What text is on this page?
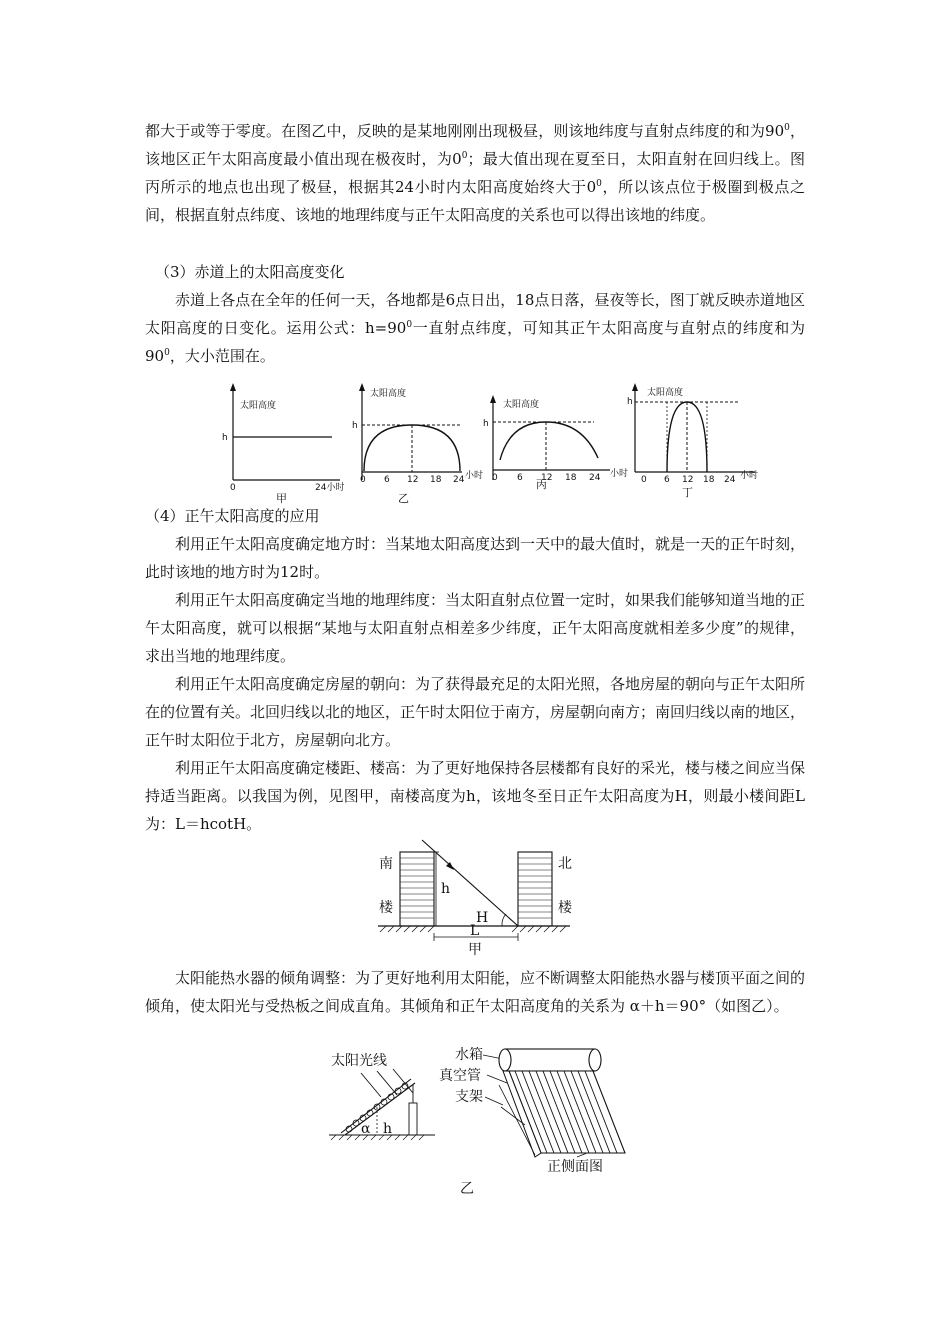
都大于或等于零度。在图乙中，反映的是某地刚刚出现极昼，则该地纬度与直射点纬度的和为$90^0$，该地区正午太阳高度最小值出现在极夜时，为$0^0$；最大值出现在夏至日，太阳直射在回归线上。图丙所示的地点也出现了极昼，根据其24小时内太阳高度始终大于$0^0$，所以该点位于极圈到极点之间，根据直射点纬度、该地的地理纬度与正午太阳高度的关系也可以得出该地的纬度。

（3）赤道上的太阳高度变化

赤道上各点在全年的任何一天，各地都是6点日出，18点日落，昼夜等长，图丁就反映赤道地区太阳高度的日变化。运用公式：$h=90^0$一直射点纬度，可知其正午太阳高度与直射点的纬度和为$90^0$，大小范围在。

太阳高度
h
0	24小时
甲
太阳高度
h
0 6 12 18 24 小时
乙
太阳高度
h
0 6 12 18 24 小时
丙
太阳高度
h
0 6 12 18 24 小时
丁

（4）正午太阳高度的应用

利用正午太阳高度确定地方时：当某地太阳高度达到一天中的最大值时，就是一天的正午时刻，此时该地的地方时为12时。

利用正午太阳高度确定当地的地理纬度：当太阳直射点位置一定时，如果我们能够知道当地的正午太阳高度，就可以根据“某地与太阳直射点相差多少纬度，正午太阳高度就相差多少度”的规律，求出当地的地理纬度。

利用正午太阳高度确定房屋的朝向：为了获得最充足的太阳光照，各地房屋的朝向与正午太阳所在的位置有关。北回归线以北的地区，正午时太阳位于南方，房屋朝向南方；南回归线以南的地区，正午时太阳位于北方，房屋朝向北方。

利用正午太阳高度确定楼距、楼高：为了更好地保持各层楼都有良好的采光，楼与楼之间应当保持适当距离。以我国为例，见图甲，南楼高度为h，该地冬至日正午太阳高度为H，则最小楼间距L为：L＝hcotH。

h
H
南
楼
北
楼
L
甲

太阳能热水器的倾角调整：为了更好地利用太阳能，应不断调整太阳能热水器与楼顶平面之间的倾角，使太阳光与受热板之间成直角。其倾角和正午太阳高度角的关系为 α＋h＝90°（如图乙）。

太阳光线
α h
水箱
真空管
支架
正侧面图
乙
